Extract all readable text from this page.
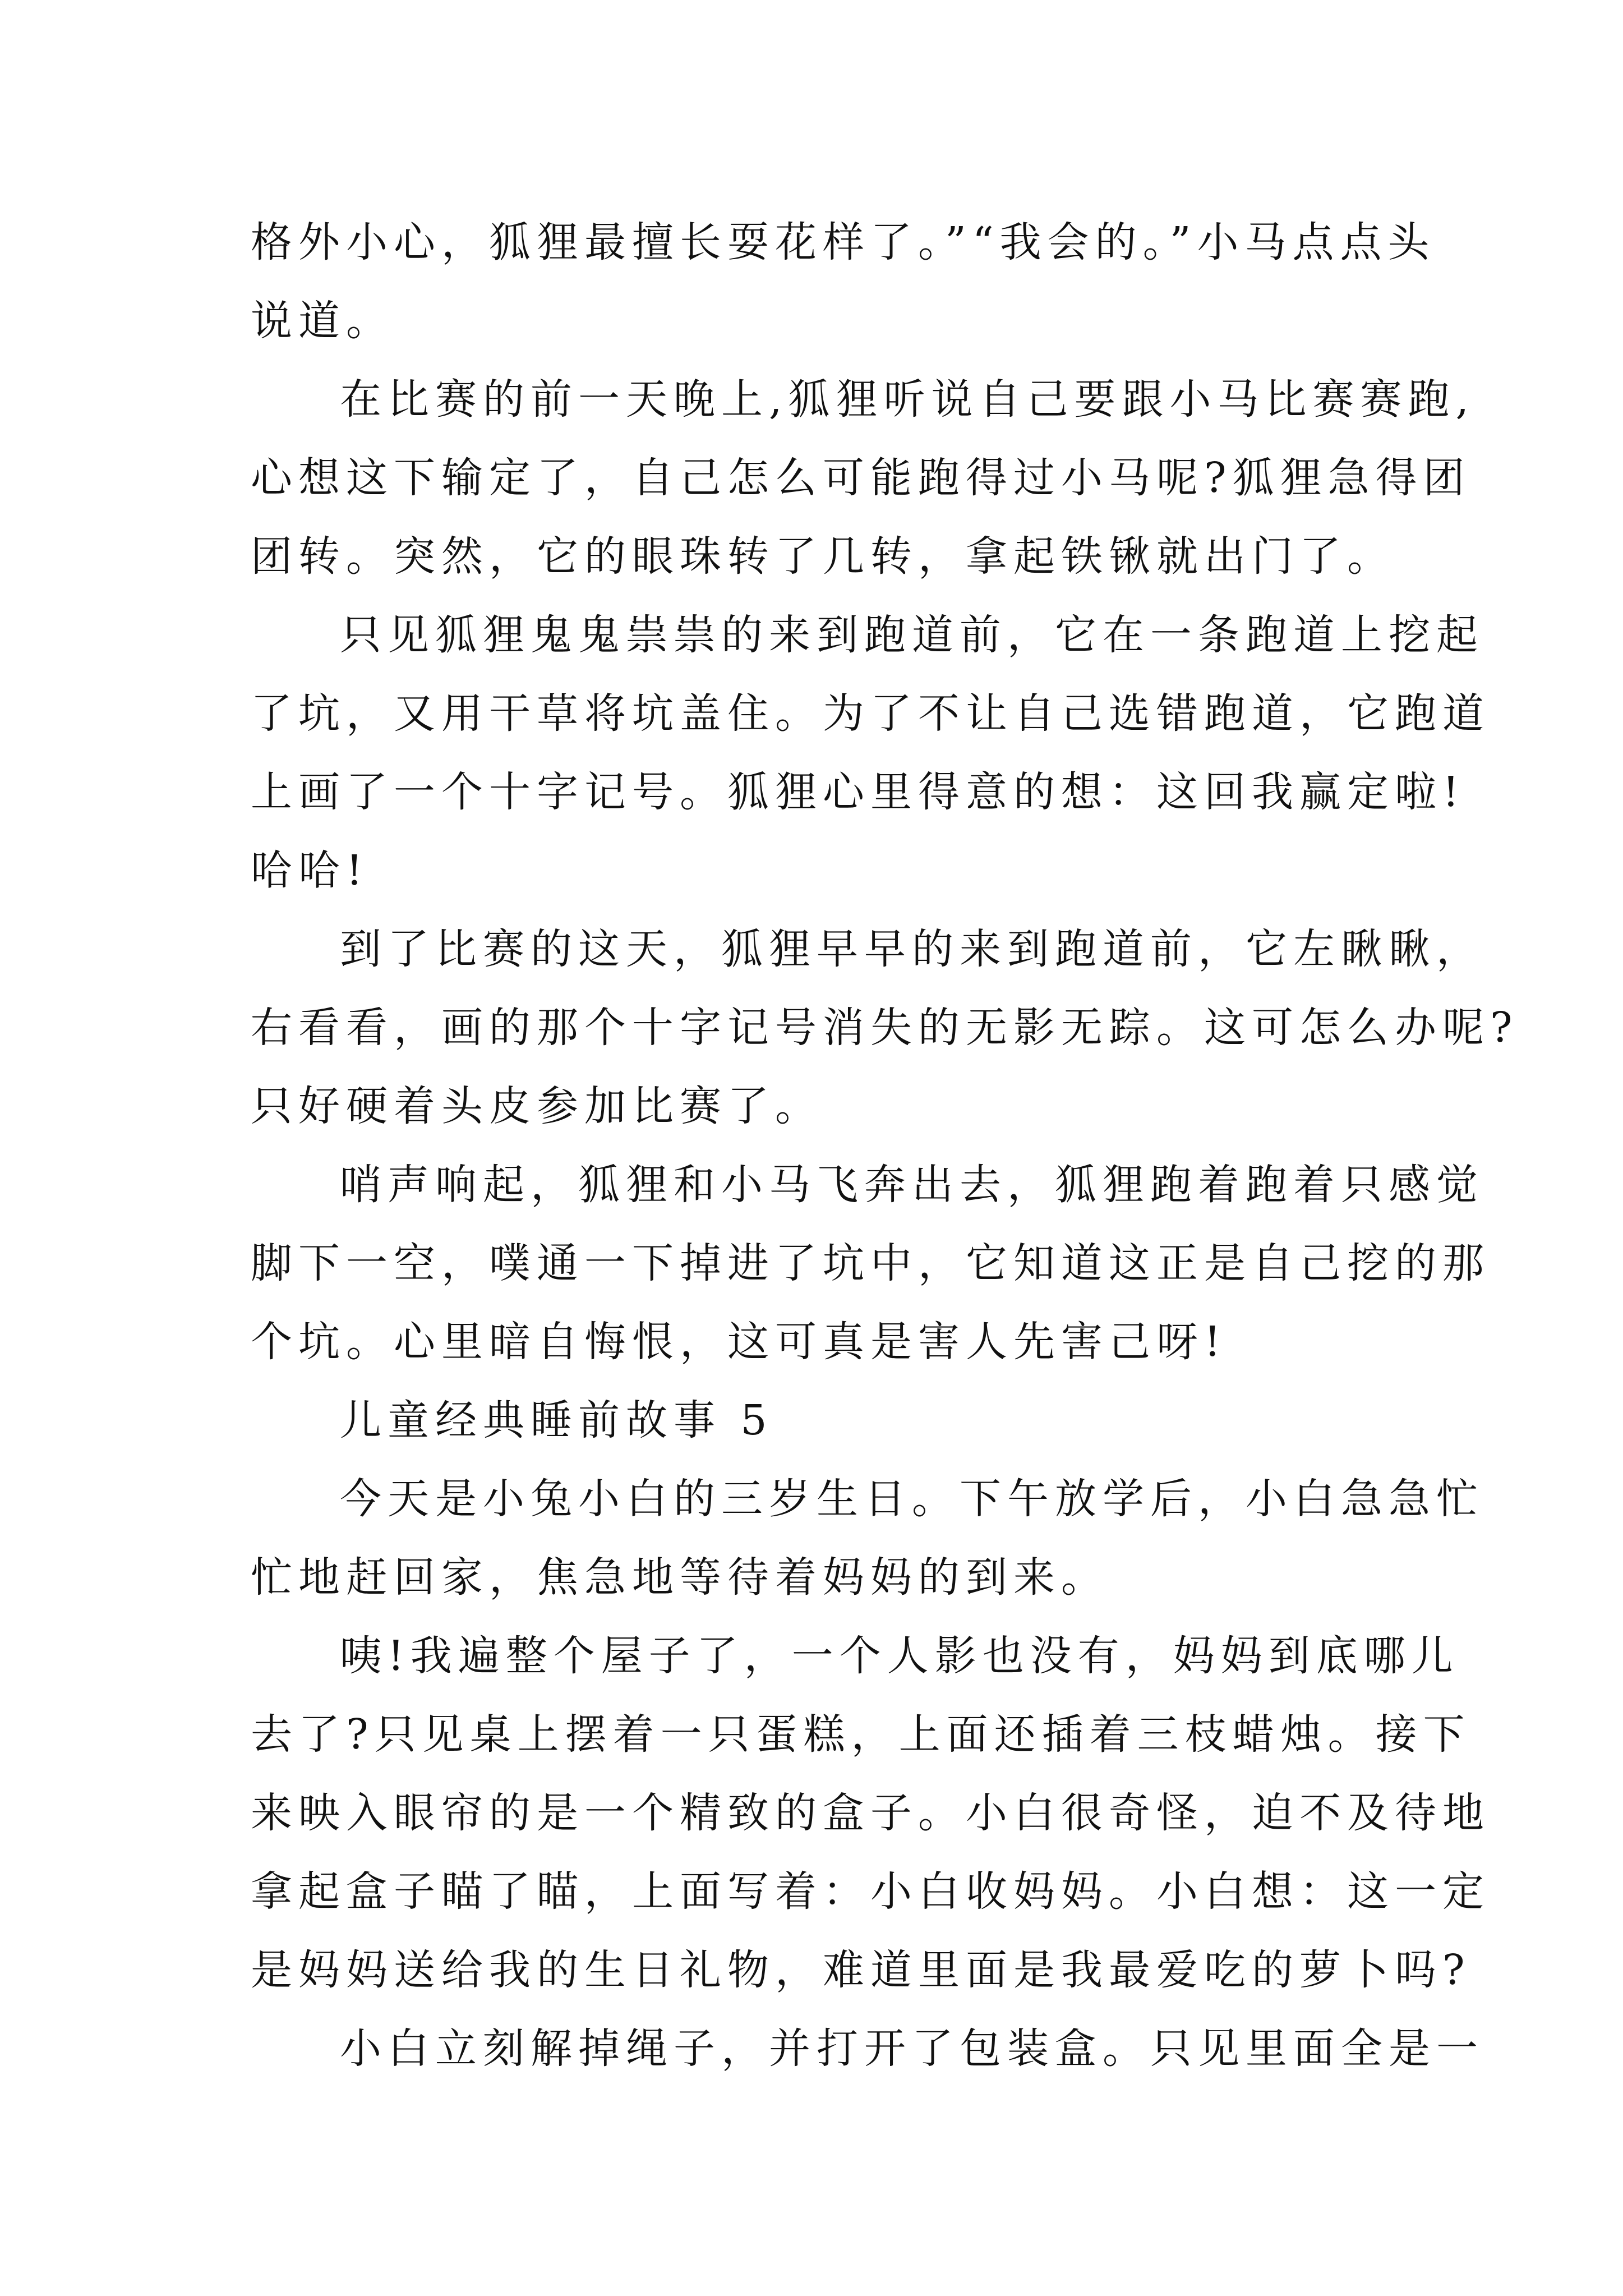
格外小心，狐狸最擅长耍花样了。”“我会的。”小马点点头
说道。
在比赛的前一天晚上,狐狸听说自己要跟小马比赛赛跑,
心想这下输定了，自己怎么可能跑得过小马呢?狐狸急得团
团转。突然，它的眼珠转了几转，拿起铁锹就出门了。
只见狐狸鬼鬼祟祟的来到跑道前，它在一条跑道上挖起
了坑，又用干草将坑盖住。为了不让自己选错跑道，它跑道
上画了一个十字记号。狐狸心里得意的想：这回我赢定啦!
哈哈!
到了比赛的这天，狐狸早早的来到跑道前，它左瞅瞅，
右看看，画的那个十字记号消失的无影无踪。这可怎么办呢?
只好硬着头皮参加比赛了。
哨声响起，狐狸和小马飞奔出去，狐狸跑着跑着只感觉
脚下一空，噗通一下掉进了坑中，它知道这正是自己挖的那
个坑。心里暗自悔恨，这可真是害人先害己呀!
儿童经典睡前故事 5
今天是小兔小白的三岁生日。下午放学后，小白急急忙
忙地赶回家，焦急地等待着妈妈的到来。
咦!我遍整个屋子了，一个人影也没有，妈妈到底哪儿
去了?只见桌上摆着一只蛋糕，上面还插着三枝蜡烛。接下
来映入眼帘的是一个精致的盒子。小白很奇怪，迫不及待地
拿起盒子瞄了瞄，上面写着：小白收妈妈。小白想：这一定
是妈妈送给我的生日礼物，难道里面是我最爱吃的萝卜吗?
小白立刻解掉绳子，并打开了包装盒。只见里面全是一
